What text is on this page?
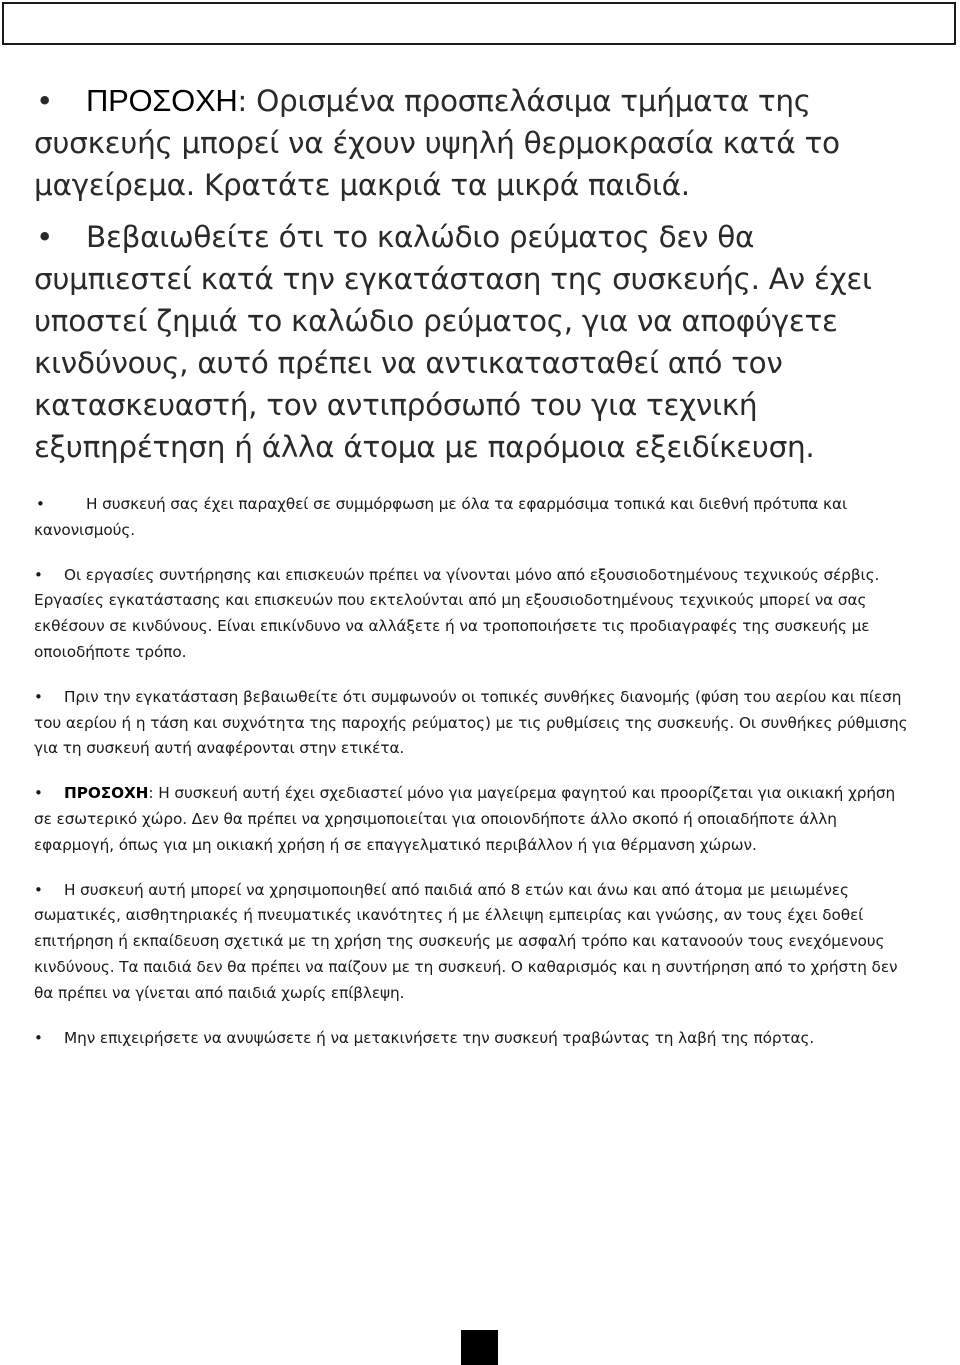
• ΠΡΟΣΟΧΗ: Ορισμένα προσπελάσιμα τμήματα της συσκευής μπορεί να έχουν υψηλή θερμοκρασία κατά το μαγείρεμα. Κρατάτε μακριά τα μικρά παιδιά.
• Βεβαιωθείτε ότι το καλώδιο ρεύματος δεν θα συμπιεστεί κατά την εγκατάσταση της συσκευής. Αν έχει υποστεί ζημιά το καλώδιο ρεύματος, για να αποφύγετε κινδύνους, αυτό πρέπει να αντικατασταθεί από τον κατασκευαστή, τον αντιπρόσωπό του για τεχνική εξυπηρέτηση ή άλλα άτομα με παρόμοια εξειδίκευση.
•	Η συσκευή σας έχει παραχθεί σε συμμόρφωση με όλα τα εφαρμόσιμα τοπικά και διεθνή πρότυπα και κανονισμούς.
• Οι εργασίες συντήρησης και επισκευών πρέπει να γίνονται μόνο από εξουσιοδοτημένους τεχνικούς σέρβις. Εργασίες εγκατάστασης και επισκευών που εκτελούνται από μη εξουσιοδοτημένους τεχνικούς μπορεί να σας εκθέσουν σε κινδύνους. Είναι επικίνδυνο να αλλάξετε ή να τροποποιήσετε τις προδιαγραφές της συσκευής με οποιοδήποτε τρόπο.
• Πριν την εγκατάσταση βεβαιωθείτε ότι συμφωνούν οι τοπικές συνθήκες διανομής (φύση του αερίου και πίεση του αερίου ή η τάση και συχνότητα της παροχής ρεύματος) με τις ρυθμίσεις της συσκευής. Οι συνθήκες ρύθμισης για τη συσκευή αυτή αναφέρονται στην ετικέτα.
• ΠΡΟΣΟΧΗ: Η συσκευή αυτή έχει σχεδιαστεί μόνο για μαγείρεμα φαγητού και προορίζεται για οικιακή χρήση σε εσωτερικό χώρο. Δεν θα πρέπει να χρησιμοποιείται για οποιονδήποτε άλλο σκοπό ή οποιαδήποτε άλλη εφαρμογή, όπως για μη οικιακή χρήση ή σε επαγγελματικό περιβάλλον ή για θέρμανση χώρων.
• Η συσκευή αυτή μπορεί να χρησιμοποιηθεί από παιδιά από 8 ετών και άνω και από άτομα με μειωμένες σωματικές, αισθητηριακές ή πνευματικές ικανότητες ή με έλλειψη εμπειρίας και γνώσης, αν τους έχει δοθεί επιτήρηση ή εκπαίδευση σχετικά με τη χρήση της συσκευής με ασφαλή τρόπο και κατανοούν τους ενεχόμενους κινδύνους. Τα παιδιά δεν θα πρέπει να παίζουν με τη συσκευή. Ο καθαρισμός και η συντήρηση από το χρήστη δεν θα πρέπει να γίνεται από παιδιά χωρίς επίβλεψη.
• Μην επιχειρήσετε να ανυψώσετε ή να μετακινήσετε την συσκευή τραβώντας τη λαβή της πόρτας.
